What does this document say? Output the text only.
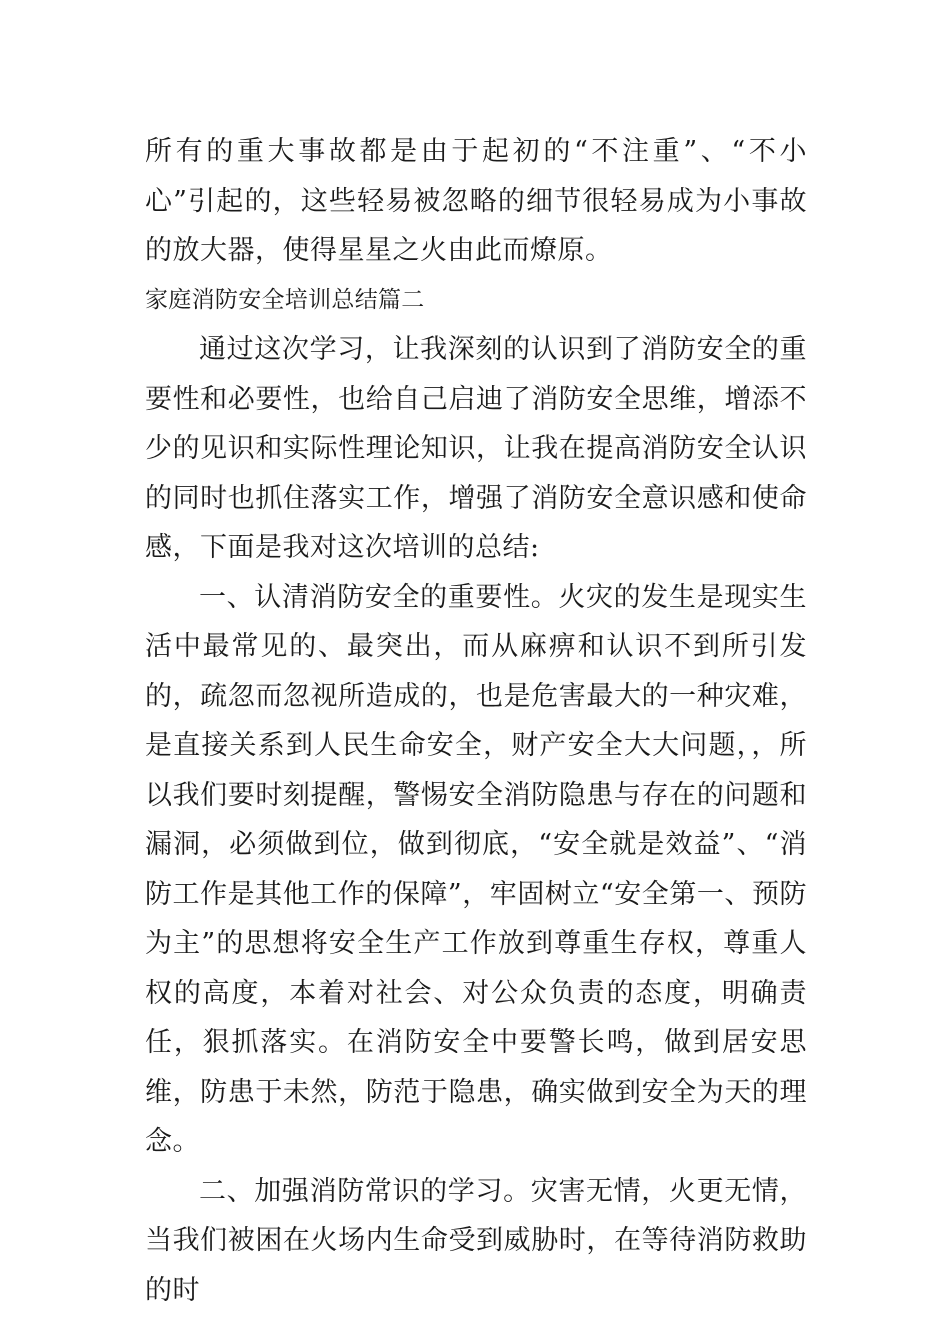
所有的重大事故都是由于起初的“不注重”、“不小心”引起的，这些轻易被忽略的细节很轻易成为小事故的放大器，使得星星之火由此而燎原。

家庭消防安全培训总结篇二

通过这次学习，让我深刻的认识到了消防安全的重要性和必要性，也给自己启迪了消防安全思维，增添不少的见识和实际性理论知识，让我在提高消防安全认识的同时也抓住落实工作，增强了消防安全意识感和使命感，下面是我对这次培训的总结:

一、认清消防安全的重要性。火灾的发生是现实生活中最常见的、最突出，而从麻痹和认识不到所引发的，疏忽而忽视所造成的，也是危害最大的一种灾难，是直接关系到人民生命安全，财产安全大大问题，，所以我们要时刻提醒，警惕安全消防隐患与存在的问题和漏洞，必须做到位，做到彻底，“安全就是效益”、“消防工作是其他工作的保障”，牢固树立“安全第一、预防为主”的思想将安全生产工作放到尊重生存权，尊重人权的高度，本着对社会、对公众负责的态度，明确责任，狠抓落实。在消防安全中要警长鸣，做到居安思维，防患于未然，防范于隐患，确实做到安全为天的理念。

二、加强消防常识的学习。灾害无情，火更无情，当我们被困在火场内生命受到威胁时，在等待消防救助的时
